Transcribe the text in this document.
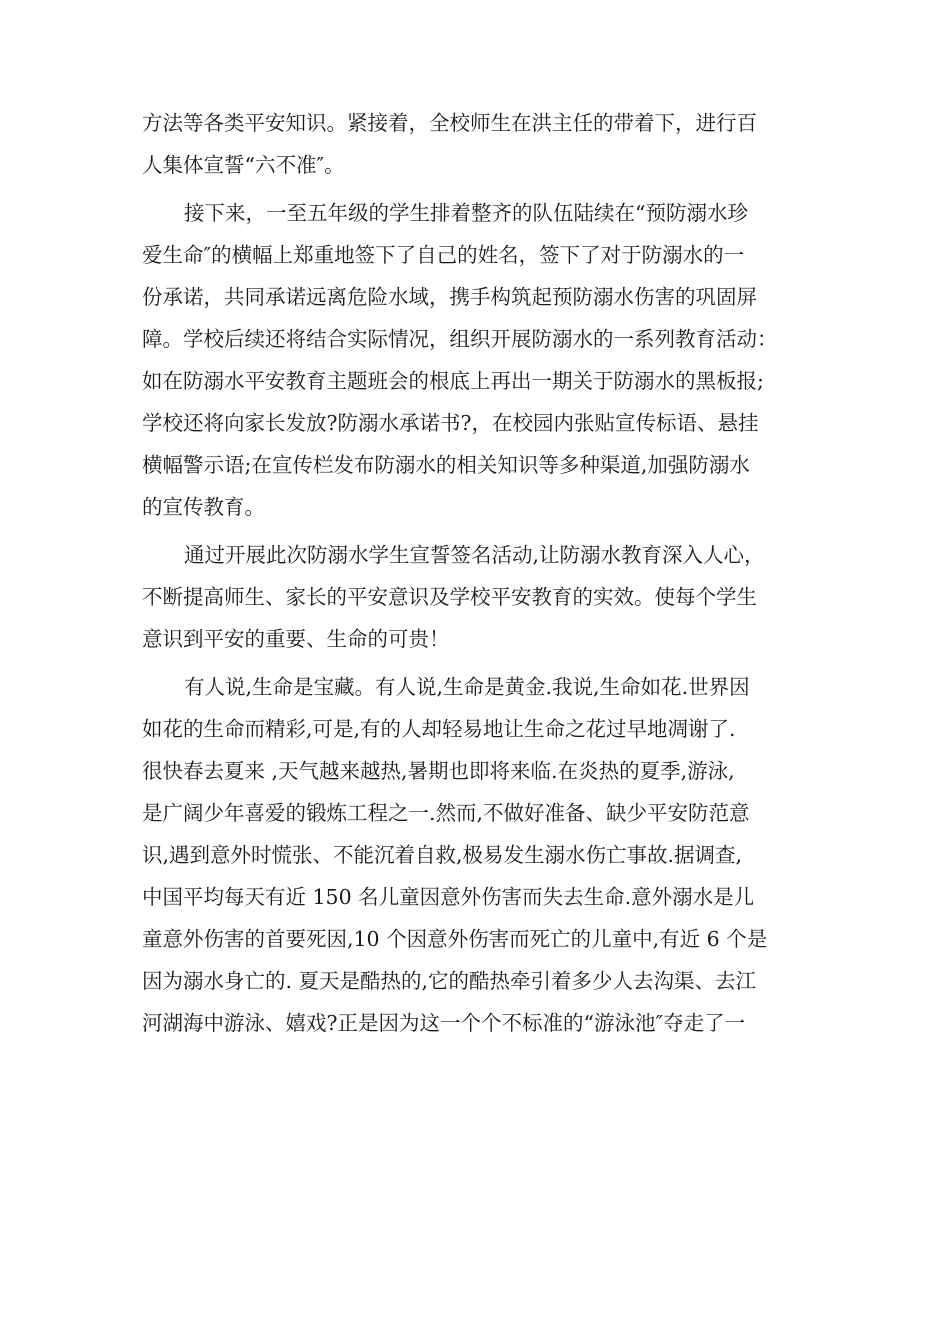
方法等各类平安知识。紧接着，全校师生在洪主任的带着下，进行百
人集体宣誓“六不准″。

接下来，一至五年级的学生排着整齐的队伍陆续在“预防溺水珍
爱生命″的横幅上郑重地签下了自己的姓名，签下了对于防溺水的一
份承诺，共同承诺远离危险水域，携手构筑起预防溺水伤害的巩固屏
障。学校后续还将结合实际情况，组织开展防溺水的一系列教育活动：
如在防溺水平安教育主题班会的根底上再出一期关于防溺水的黑板报;
学校还将向家长发放?防溺水承诺书?，在校园内张贴宣传标语、悬挂
横幅警示语;在宣传栏发布防溺水的相关知识等多种渠道,加强防溺水
的宣传教育。

通过开展此次防溺水学生宣誓签名活动,让防溺水教育深入人心，
不断提高师生、家长的平安意识及学校平安教育的实效。使每个学生
意识到平安的重要、生命的可贵！

有人说,生命是宝藏。有人说,生命是黄金.我说,生命如花.世界因
如花的生命而精彩,可是,有的人却轻易地让生命之花过早地凋谢了.
很快春去夏来 ,天气越来越热,暑期也即将来临.在炎热的夏季,游泳,
是广阔少年喜爱的锻炼工程之一.然而,不做好准备、缺少平安防范意
识,遇到意外时慌张、不能沉着自救,极易发生溺水伤亡事故.据调查,
中国平均每天有近 150 名儿童因意外伤害而失去生命.意外溺水是儿
童意外伤害的首要死因,10 个因意外伤害而死亡的儿童中,有近 6 个是
因为溺水身亡的. 夏天是酷热的,它的酷热牵引着多少人去沟渠、去江
河湖海中游泳、嬉戏?正是因为这一个个不标准的“游泳池″夺走了一
